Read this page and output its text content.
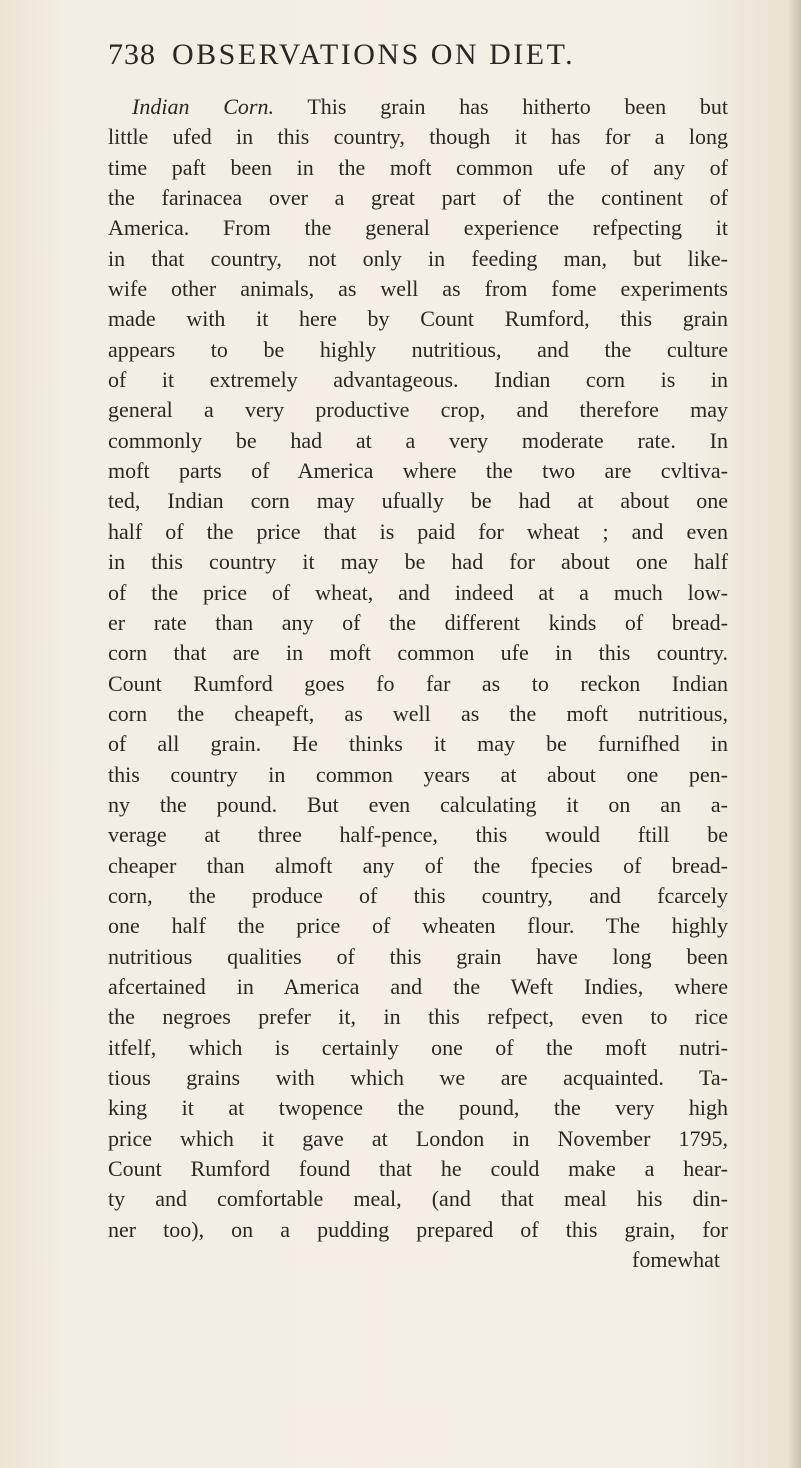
738 OBSERVATIONS ON DIET.
Indian Corn. This grain has hitherto been but
little ufed in this country, though it has for a long
time paft been in the moft common ufe of any of
the farinacea over a great part of the continent of
America. From the general experience refpecting it
in that country, not only in feeding man, but like-
wife other animals, as well as from fome experiments
made with it here by Count Rumford, this grain
appears to be highly nutritious, and the culture
of it extremely advantageous. Indian corn is in
general a very productive crop, and therefore may
commonly be had at a very moderate rate. In
moft parts of America where the two are cvltiva-
ted, Indian corn may ufually be had at about one
half of the price that is paid for wheat ; and even
in this country it may be had for about one half
of the price of wheat, and indeed at a much low-
er rate than any of the different kinds of bread-
corn that are in moft common ufe in this country.
Count Rumford goes fo far as to reckon Indian
corn the cheapeft, as well as the moft nutritious,
of all grain. He thinks it may be furnifhed in
this country in common years at about one pen-
ny the pound. But even calculating it on an a-
verage at three half-pence, this would ftill be
cheaper than almoft any of the fpecies of bread-
corn, the produce of this country, and fcarcely
one half the price of wheaten flour. The highly
nutritious qualities of this grain have long been
afcertained in America and the Weft Indies, where
the negroes prefer it, in this refpect, even to rice
itfelf, which is certainly one of the moft nutri-
tious grains with which we are acquainted. Ta-
king it at twopence the pound, the very high
price which it gave at London in November 1795,
Count Rumford found that he could make a hear-
ty and comfortable meal, (and that meal his din-
ner too), on a pudding prepared of this grain, for
fomewhat
